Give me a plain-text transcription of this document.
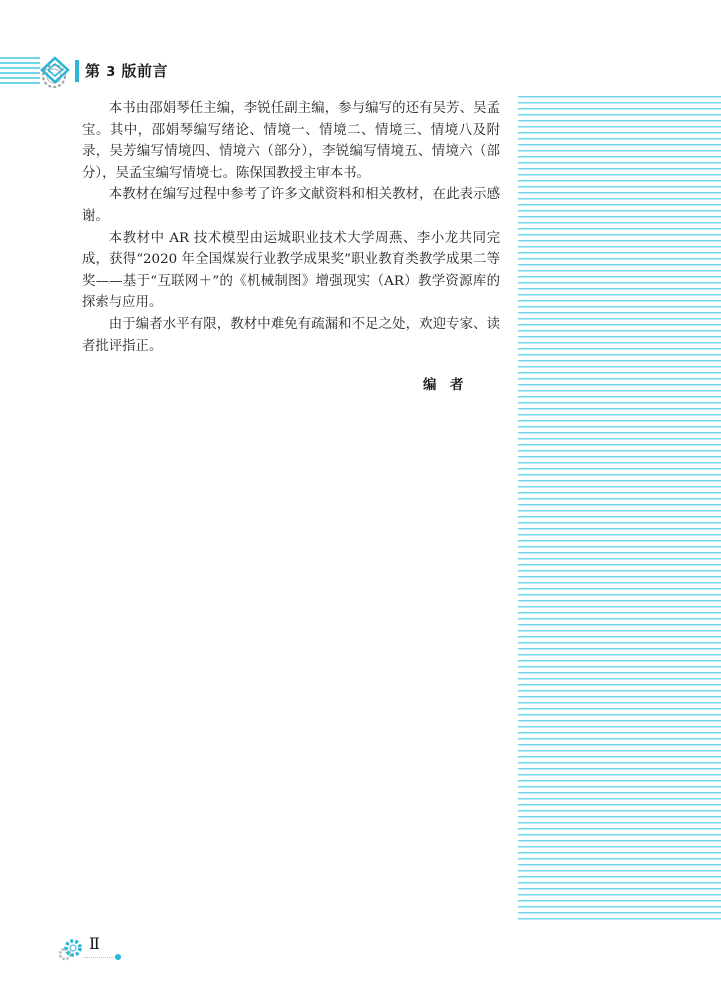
第 3 版前言

本书由邵娟琴任主编，李锐任副主编，参与编写的还有吴芳、吴孟宝。其中，邵娟琴编写绪论、情境一、情境二、情境三、情境八及附录，吴芳编写情境四、情境六（部分），李锐编写情境五、情境六（部分），吴孟宝编写情境七。陈保国教授主审本书。

本教材在编写过程中参考了许多文献资料和相关教材，在此表示感谢。

本教材中 AR 技术模型由运城职业技术大学周燕、李小龙共同完成，获得“2020 年全国煤炭行业教学成果奖”职业教育类教学成果二等奖——基于“互联网＋”的《机械制图》增强现实（AR）教学资源库的探索与应用。

由于编者水平有限，教材中难免有疏漏和不足之处，欢迎专家、读者批评指正。

编　者
Ⅱ
